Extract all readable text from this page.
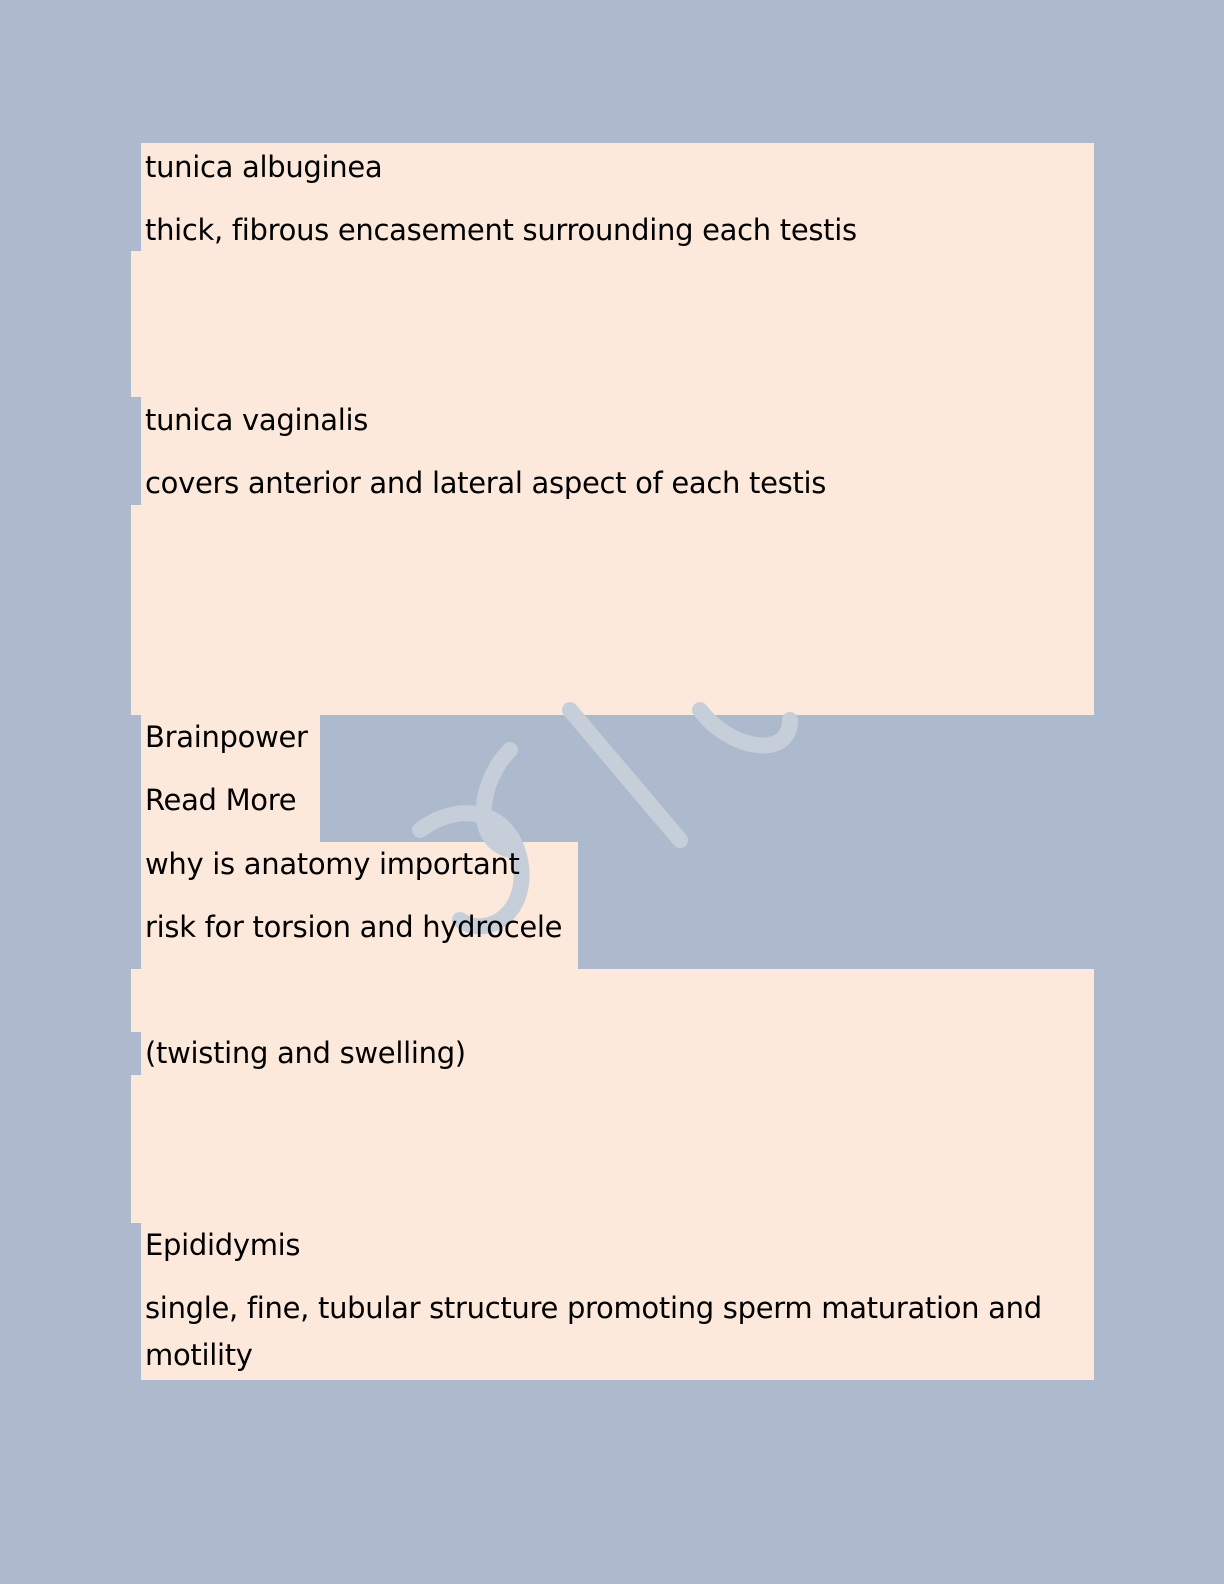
tunica albuginea
thick, fibrous encasement surrounding each testis
tunica vaginalis
covers anterior and lateral aspect of each testis
Brainpower
Read More
why is anatomy important
risk for torsion and hydrocele
(twisting and swelling)
Epididymis
single, fine, tubular structure promoting sperm maturation and motility
